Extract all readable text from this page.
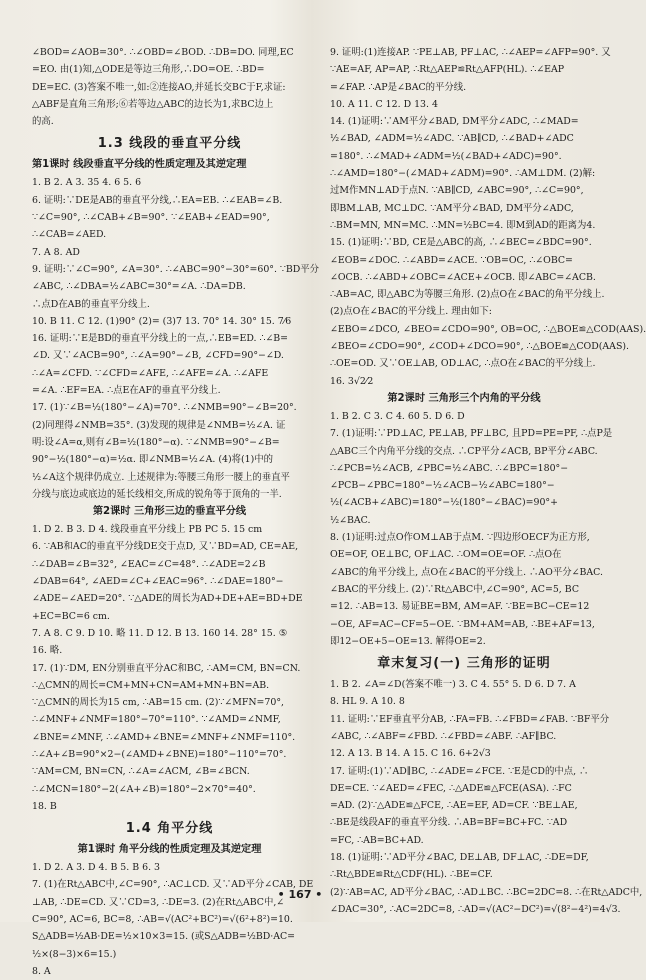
∠BOD=∠AOB=30°. ∴∠OBD=∠BOD. ∴DB=DO. 同理,EC
=EO. 由(1)知,△ODE是等边三角形,∴DO=OE. ∴BD=
DE=EC. (3)答案不唯一,如:②连接AO,并延长交BC于F,求证:
△ABF是直角三角形;⑥若等边△ABC的边长为1,求BC边上
的高.
1.3 线段的垂直平分线
第1课时 线段垂直平分线的性质定理及其逆定理
1. B 2. A 3. 35 4. 6 5. 6
6. 证明:∵DE是AB的垂直平分线,∴EA=EB. ∴∠EAB=∠B.
∵∠C=90°, ∴∠CAB+∠B=90°. ∵∠EAB+∠EAD=90°,
∴∠CAB=∠AED.
7. A 8. AD
9. 证明:∵∠C=90°, ∠A=30°. ∴∠ABC=90°−30°=60°. ∵BD平分
∠ABC, ∴∠DBA=½∠ABC=30°=∠A. ∴DA=DB.
∴点D在AB的垂直平分线上.
10. B 11. C 12. (1)90° (2)= (3)7 13. 70° 14. 30° 15. 7⁄6
16. 证明:∵E是BD的垂直平分线上的一点,∴EB=ED. ∴∠B=
∠D. 又∵∠ACB=90°, ∴∠A=90°−∠B, ∠CFD=90°−∠D.
∴∠A=∠CFD. ∵∠CFD=∠AFE, ∴∠AFE=∠A. ∴∠AFE
=∠A. ∴EF=EA. ∴点E在AF的垂直平分线上.
17. (1)∵∠B=½(180°−∠A)=70°. ∴∠NMB=90°−∠B=20°.
(2)同理得∠NMB=35°. (3)发现的规律是∠NMB=½∠A. 证
明:设∠A=α,则有∠B=½(180°−α). ∵∠NMB=90°−∠B=
90°−½(180°−α)=½α. 即∠NMB=½∠A. (4)将(1)中的
½∠A这个规律仍成立. 上述规律为:等腰三角形一腰上的垂直平
分线与底边或底边的延长线相交,所成的锐角等于顶角的一半.
第2课时 三角形三边的垂直平分线
1. D 2. B 3. D 4. 线段垂直平分线上 PB PC 5. 15 cm
6. ∵AB和AC的垂直平分线DE交于点D, 又∵BD=AD, CE=AE,
∴∠DAB=∠B=32°, ∠EAC=∠C=48°. ∴∠ADE=2∠B
∠DAB=64°, ∠AED=∠C+∠EAC=96°. ∴∠DAE=180°−
∠ADE−∠AED=20°. ∵△ADE的周长为AD+DE+AE=BD+DE
+EC=BC=6 cm.
7. A 8. C 9. D 10. 略 11. D 12. B 13. 160 14. 28° 15. ⑤
16. 略.
17. (1)∵DM, EN分别垂直平分AC和BC, ∴AM=CM, BN=CN.
∴△CMN的周长=CM+MN+CN=AM+MN+BN=AB.
∵△CMN的周长为15 cm, ∴AB=15 cm. (2)∵∠MFN=70°,
∴∠MNF+∠NMF=180°−70°=110°. ∵∠AMD=∠NMF,
∠BNE=∠MNF, ∴∠AMD+∠BNE=∠MNF+∠NMF=110°.
∴∠A+∠B=90°×2−(∠AMD+∠BNE)=180°−110°=70°.
∵AM=CM, BN=CN, ∴∠A=∠ACM, ∠B=∠BCN.
∴∠MCN=180°−2(∠A+∠B)=180°−2×70°=40°.
18. B
1.4 角平分线
第1课时 角平分线的性质定理及其逆定理
1. D 2. A 3. D 4. B 5. B 6. 3
7. (1)在Rt△ABC中,∠C=90°, ∴AC⊥CD. 又∵AD平分∠CAB, DE
⊥AB, ∴DE=CD. 又∵CD=3, ∴DE=3. (2)在Rt△ABC中,∠
C=90°, AC=6, BC=8, ∴AB=√(AC²+BC²)=√(6²+8²)=10.
S△ADB=½AB·DE=½×10×3=15. (或S△ADB=½BD·AC=
½×(8−3)×6=15.)
8. A
9. 证明:(1)连接AP. ∵PE⊥AB, PF⊥AC, ∴∠AEP=∠AFP=90°. 又
∵AE=AF, AP=AP, ∴Rt△AEP≌Rt△AFP(HL). ∴∠EAP
=∠FAP. ∴AP是∠BAC的平分线.
10. A 11. C 12. D 13. 4
14. (1)证明:∵AM平分∠BAD, DM平分∠ADC, ∴∠MAD=
½∠BAD, ∠ADM=½∠ADC. ∵AB∥CD, ∴∠BAD+∠ADC
=180°. ∴∠MAD+∠ADM=½(∠BAD+∠ADC)=90°.
∴∠AMD=180°−(∠MAD+∠ADM)=90°. ∴AM⊥DM. (2)解:
过M作MN⊥AD于点N. ∵AB∥CD, ∠ABC=90°, ∴∠C=90°,
即BM⊥AB, MC⊥DC. ∵AM平分∠BAD, DM平分∠ADC,
∴BM=MN, MN=MC. ∴MN=½BC=4. 即M到AD的距离为4.
15. (1)证明:∵BD, CE是△ABC的高, ∴∠BEC=∠BDC=90°.
∠EOB=∠DOC. ∴∠ABD=∠ACE. ∵OB=OC, ∴∠OBC=
∠OCB. ∴∠ABD+∠OBC=∠ACE+∠OCB. 即∠ABC=∠ACB.
∴AB=AC, 即△ABC为等腰三角形. (2)点O在∠BAC的角平分线上.
(2)点O在∠BAC的平分线上. 理由如下:
∠EBO=∠DCO, ∠BEO=∠CDO=90°, OB=OC, ∴△BOE≌△COD(AAS).
∠BEO=∠CDO=90°, ∠COD+∠DCO=90°, ∴△BOE≌△COD(AAS).
∴OE=OD. 又∵OE⊥AB, OD⊥AC, ∴点O在∠BAC的平分线上.
16. 3√2⁄2
第2课时 三角形三个内角的平分线
1. B 2. C 3. C 4. 60 5. D 6. D
7. (1)证明:∵PD⊥AC, PE⊥AB, PF⊥BC, 且PD=PE=PF, ∴点P是
△ABC三个内角平分线的交点. ∴CP平分∠ACB, BP平分∠ABC.
∴∠PCB=½∠ACB, ∠PBC=½∠ABC. ∴∠BPC=180°−
∠PCB−∠PBC=180°−½∠ACB−½∠ABC=180°−
½(∠ACB+∠ABC)=180°−½(180°−∠BAC)=90°+
½∠BAC.
8. (1)证明:过点O作OM⊥AB于点M. ∵四边形OECF为正方形,
OE=OF, OE⊥BC, OF⊥AC. ∴OM=OE=OF. ∴点O在
∠ABC的角平分线上, 点O在∠BAC的平分线上. ∴AO平分∠BAC.
∠BAC的平分线上. (2)∵Rt△ABC中,∠C=90°, AC=5, BC
=12. ∴AB=13. 易证BE=BM, AM=AF. ∵BE=BC−CE=12
−OE, AF=AC−CF=5−OE. ∵BM+AM=AB, ∴BE+AF=13,
即12−OE+5−OE=13. 解得OE=2.
章末复习(一) 三角形的证明
1. B 2. ∠A=∠D(答案不唯一) 3. C 4. 55° 5. D 6. D 7. A
8. HL 9. A 10. 8
11. 证明:∵EF垂直平分AB, ∴FA=FB. ∴∠FBD=∠FAB. ∵BF平分
∠ABC, ∴∠ABF=∠FBD. ∴∠FBD=∠ABF. ∴AF∥BC.
12. A 13. B 14. A 15. C 16. 6+2√3
17. 证明:(1)∵AD∥BC, ∴∠ADE=∠FCE. ∵E是CD的中点, ∴
DE=CE. ∵∠AED=∠FEC, ∴△ADE≌△FCE(ASA). ∴FC
=AD. (2)∵△ADE≌△FCE, ∴AE=EF, AD=CF. ∵BE⊥AE,
∴BE是线段AF的垂直平分线. ∴AB=BF=BC+FC. ∵AD
=FC, ∴AB=BC+AD.
18. (1)证明:∵AD平分∠BAC, DE⊥AB, DF⊥AC, ∴DE=DF,
∴Rt△BDE≌Rt△CDF(HL). ∴BE=CF.
(2)∵AB=AC, AD平分∠BAC, ∴AD⊥BC. ∴BC=2DC=8. ∴在Rt△ADC中,
∠DAC=30°, ∴AC=2DC=8, ∴AD=√(AC²−DC²)=√(8²−4²)=4√3.
• 167 •
